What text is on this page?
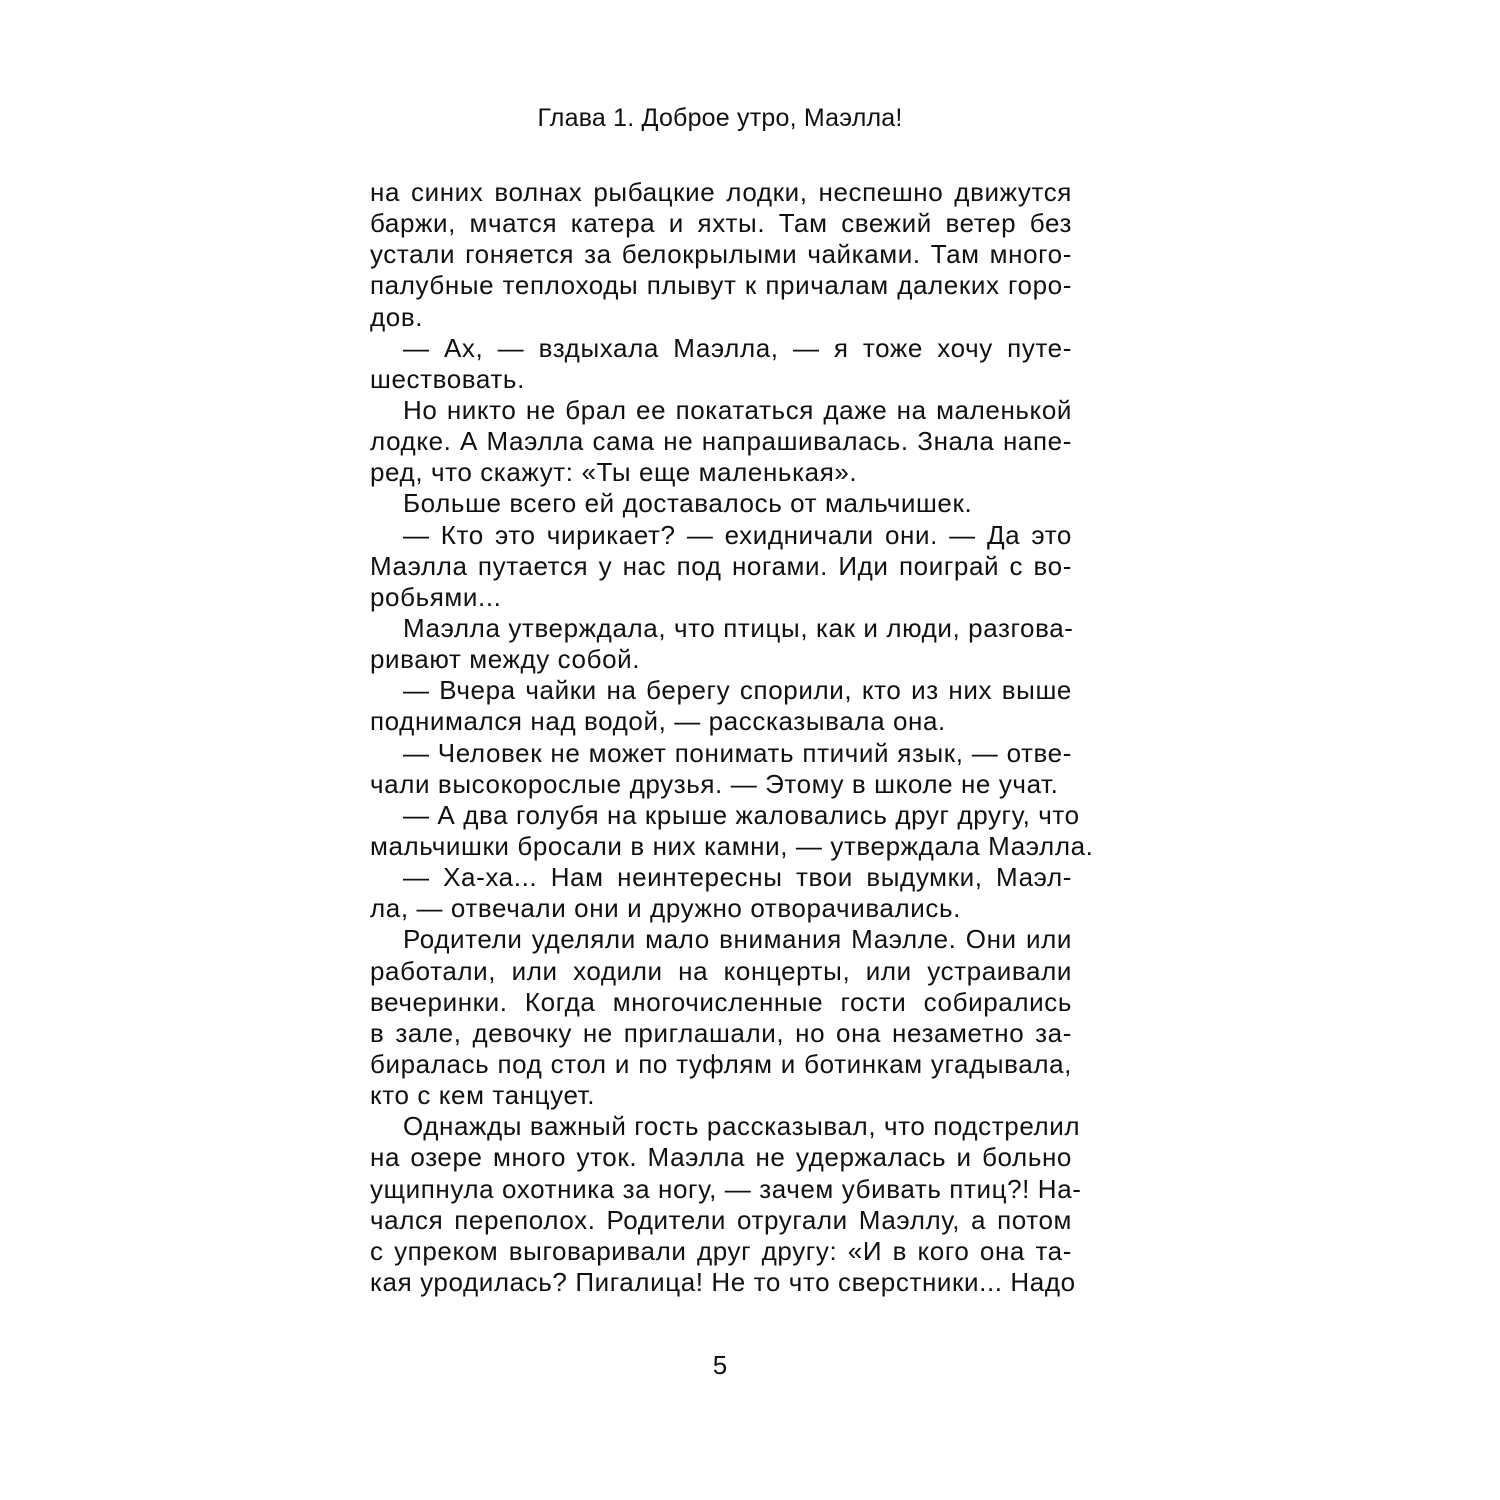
Глава 1. Доброе утро, Маэлла!
на синих волнах рыбацкие лодки, неспешно движутся
баржи, мчатся катера и яхты. Там свежий ветер без
устали гоняется за белокрылыми чайками. Там много-
палубные теплоходы плывут к причалам далеких горо-
дов.
— Ах, — вздыхала Маэлла, — я тоже хочу путе-
шествовать.
Но никто не брал ее покататься даже на маленькой
лодке. А Маэлла сама не напрашивалась. Знала напе-
ред, что скажут: «Ты еще маленькая».
Больше всего ей доставалось от мальчишек.
— Кто это чирикает? — ехидничали они. — Да это
Маэлла путается у нас под ногами. Иди поиграй с во-
робьями...
Маэлла утверждала, что птицы, как и люди, разгова-
ривают между собой.
— Вчера чайки на берегу спорили, кто из них выше
поднимался над водой, — рассказывала она.
— Человек не может понимать птичий язык, — отве-
чали высокорослые друзья. — Этому в школе не учат.
— А два голубя на крыше жаловались друг другу, что
мальчишки бросали в них камни, — утверждала Маэлла.
— Ха-ха... Нам неинтересны твои выдумки, Маэл-
ла, — отвечали они и дружно отворачивались.
Родители уделяли мало внимания Маэлле. Они или
работали, или ходили на концерты, или устраивали
вечеринки. Когда многочисленные гости собирались
в зале, девочку не приглашали, но она незаметно за-
биралась под стол и по туфлям и ботинкам угадывала,
кто с кем танцует.
Однажды важный гость рассказывал, что подстрелил
на озере много уток. Маэлла не удержалась и больно
ущипнула охотника за ногу, — зачем убивать птиц?! На-
чался переполох. Родители отругали Маэллу, а потом
с упреком выговаривали друг другу: «И в кого она та-
кая уродилась? Пигалица! Не то что сверстники... Надо
5
